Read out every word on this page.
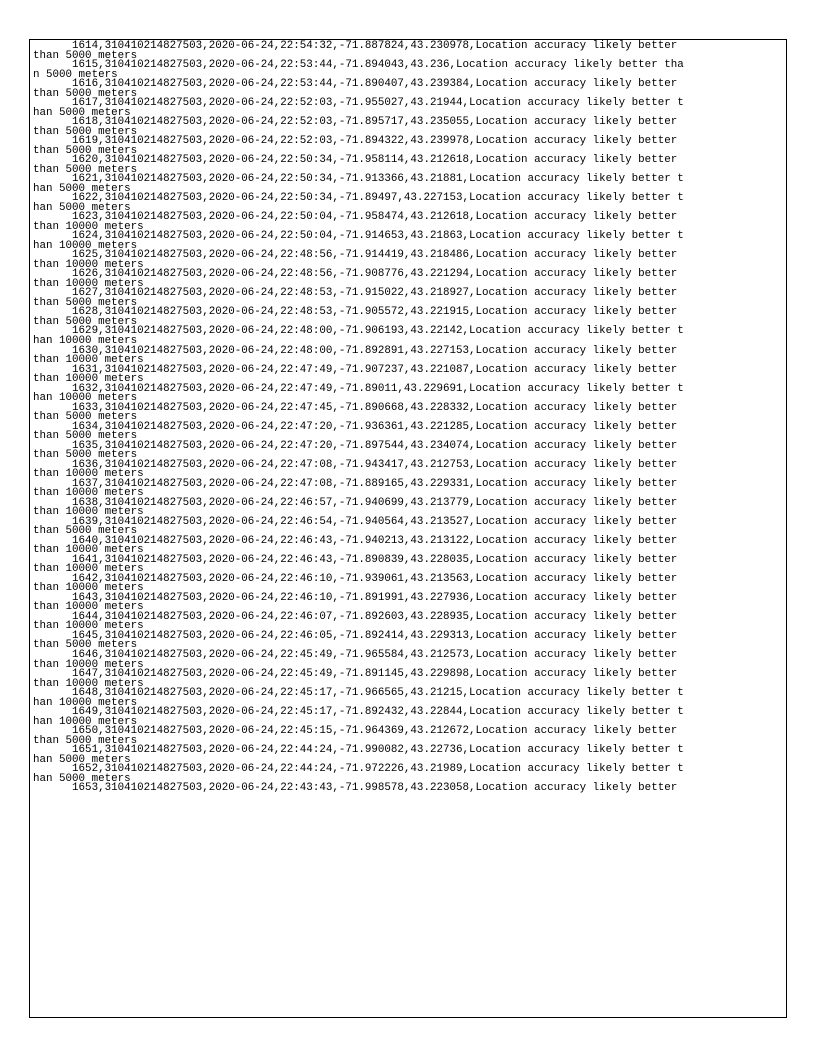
1614,310410214827503,2020-06-24,22:54:32,-71.887824,43.230978,Location accuracy likely better
than 5000 meters
1615,310410214827503,2020-06-24,22:53:44,-71.894043,43.236,Location accuracy likely better tha
n 5000 meters
1616,310410214827503,2020-06-24,22:53:44,-71.890407,43.239384,Location accuracy likely better
than 5000 meters
1617,310410214827503,2020-06-24,22:52:03,-71.955027,43.21944,Location accuracy likely better t
han 5000 meters
1618,310410214827503,2020-06-24,22:52:03,-71.895717,43.235055,Location accuracy likely better
than 5000 meters
1619,310410214827503,2020-06-24,22:52:03,-71.894322,43.239978,Location accuracy likely better
than 5000 meters
1620,310410214827503,2020-06-24,22:50:34,-71.958114,43.212618,Location accuracy likely better
than 5000 meters
1621,310410214827503,2020-06-24,22:50:34,-71.913366,43.21881,Location accuracy likely better t
han 5000 meters
1622,310410214827503,2020-06-24,22:50:34,-71.89497,43.227153,Location accuracy likely better t
han 5000 meters
1623,310410214827503,2020-06-24,22:50:04,-71.958474,43.212618,Location accuracy likely better
than 10000 meters
1624,310410214827503,2020-06-24,22:50:04,-71.914653,43.21863,Location accuracy likely better t
han 10000 meters
1625,310410214827503,2020-06-24,22:48:56,-71.914419,43.218486,Location accuracy likely better
than 10000 meters
1626,310410214827503,2020-06-24,22:48:56,-71.908776,43.221294,Location accuracy likely better
than 10000 meters
1627,310410214827503,2020-06-24,22:48:53,-71.915022,43.218927,Location accuracy likely better
than 5000 meters
1628,310410214827503,2020-06-24,22:48:53,-71.905572,43.221915,Location accuracy likely better
than 5000 meters
1629,310410214827503,2020-06-24,22:48:00,-71.906193,43.22142,Location accuracy likely better t
han 10000 meters
1630,310410214827503,2020-06-24,22:48:00,-71.892891,43.227153,Location accuracy likely better
than 10000 meters
1631,310410214827503,2020-06-24,22:47:49,-71.907237,43.221087,Location accuracy likely better
than 10000 meters
1632,310410214827503,2020-06-24,22:47:49,-71.89011,43.229691,Location accuracy likely better t
han 10000 meters
1633,310410214827503,2020-06-24,22:47:45,-71.890668,43.228332,Location accuracy likely better
than 5000 meters
1634,310410214827503,2020-06-24,22:47:20,-71.936361,43.221285,Location accuracy likely better
than 5000 meters
1635,310410214827503,2020-06-24,22:47:20,-71.897544,43.234074,Location accuracy likely better
than 5000 meters
1636,310410214827503,2020-06-24,22:47:08,-71.943417,43.212753,Location accuracy likely better
than 10000 meters
1637,310410214827503,2020-06-24,22:47:08,-71.889165,43.229331,Location accuracy likely better
than 10000 meters
1638,310410214827503,2020-06-24,22:46:57,-71.940699,43.213779,Location accuracy likely better
than 10000 meters
1639,310410214827503,2020-06-24,22:46:54,-71.940564,43.213527,Location accuracy likely better
than 5000 meters
1640,310410214827503,2020-06-24,22:46:43,-71.940213,43.213122,Location accuracy likely better
than 10000 meters
1641,310410214827503,2020-06-24,22:46:43,-71.890839,43.228035,Location accuracy likely better
than 10000 meters
1642,310410214827503,2020-06-24,22:46:10,-71.939061,43.213563,Location accuracy likely better
than 10000 meters
1643,310410214827503,2020-06-24,22:46:10,-71.891991,43.227936,Location accuracy likely better
than 10000 meters
1644,310410214827503,2020-06-24,22:46:07,-71.892603,43.228935,Location accuracy likely better
than 10000 meters
1645,310410214827503,2020-06-24,22:46:05,-71.892414,43.229313,Location accuracy likely better
than 5000 meters
1646,310410214827503,2020-06-24,22:45:49,-71.965584,43.212573,Location accuracy likely better
than 10000 meters
1647,310410214827503,2020-06-24,22:45:49,-71.891145,43.229898,Location accuracy likely better
than 10000 meters
1648,310410214827503,2020-06-24,22:45:17,-71.966565,43.21215,Location accuracy likely better t
han 10000 meters
1649,310410214827503,2020-06-24,22:45:17,-71.892432,43.22844,Location accuracy likely better t
han 10000 meters
1650,310410214827503,2020-06-24,22:45:15,-71.964369,43.212672,Location accuracy likely better
than 5000 meters
1651,310410214827503,2020-06-24,22:44:24,-71.990082,43.22736,Location accuracy likely better t
han 5000 meters
1652,310410214827503,2020-06-24,22:44:24,-71.972226,43.21989,Location accuracy likely better t
han 5000 meters
1653,310410214827503,2020-06-24,22:43:43,-71.998578,43.223058,Location accuracy likely better
